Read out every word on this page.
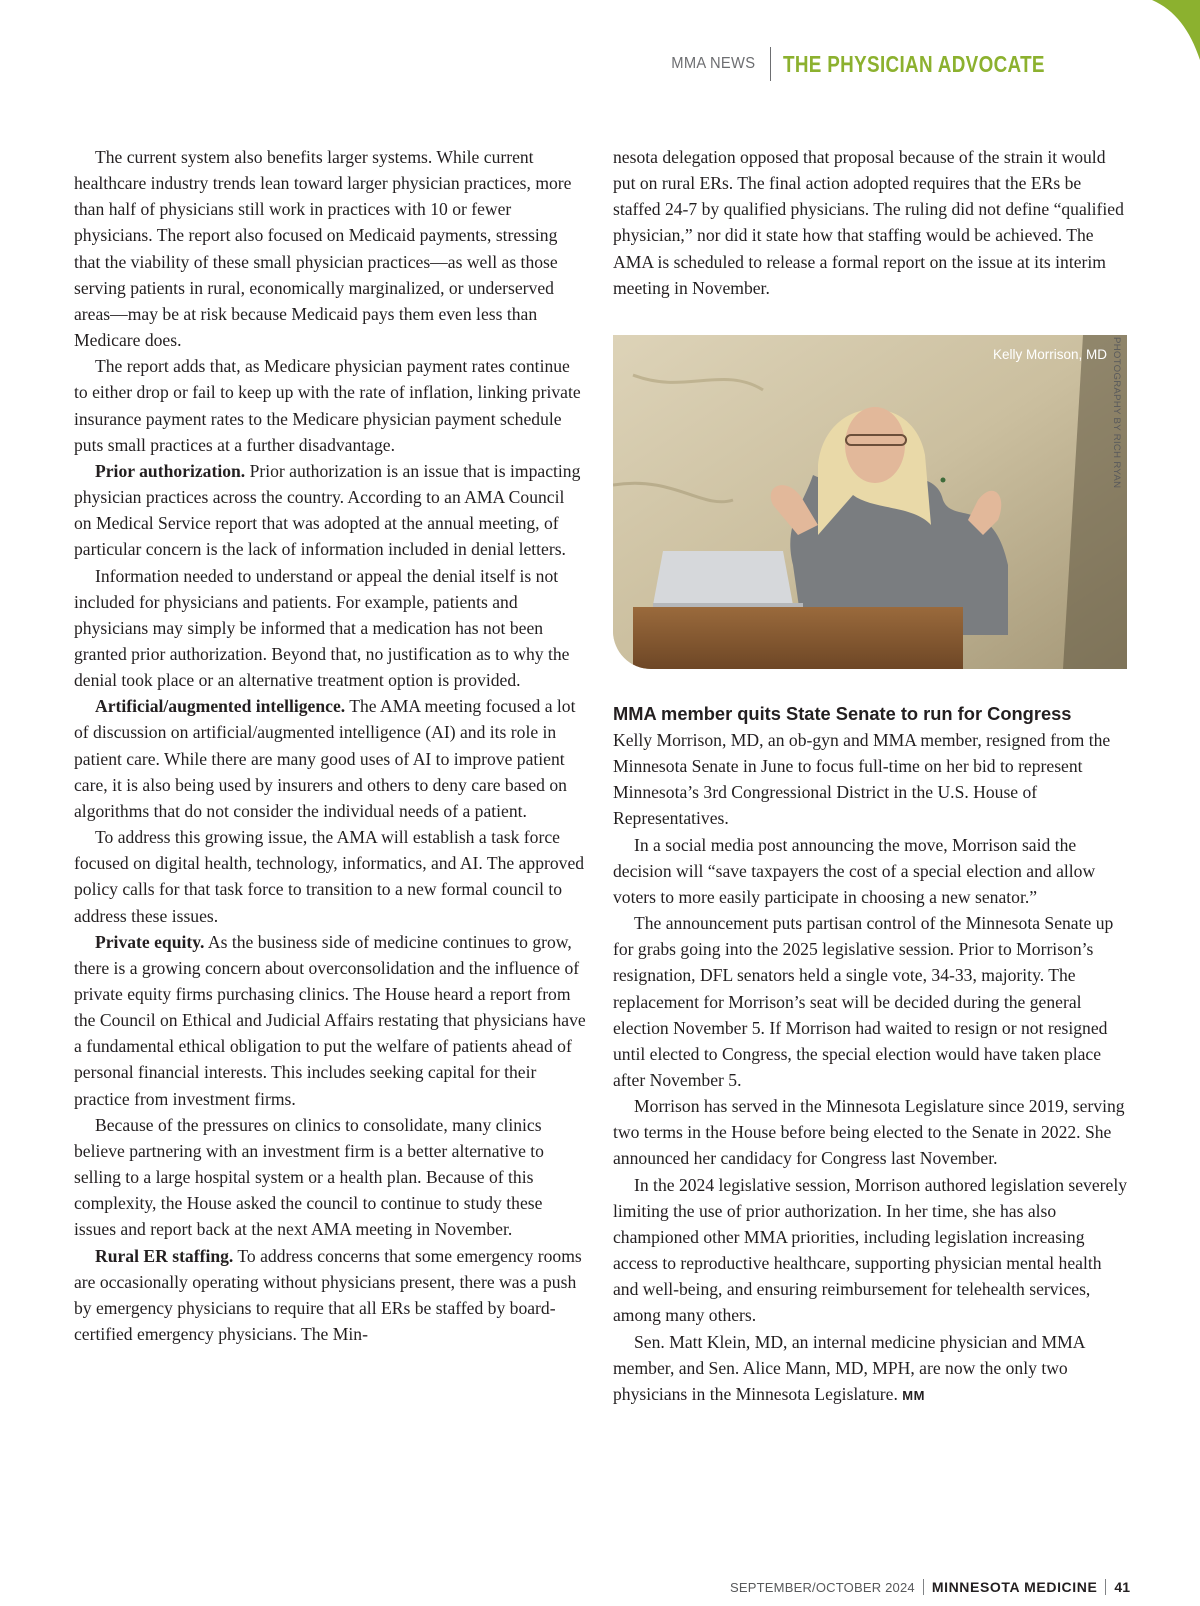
MMA NEWS THE PHYSICIAN ADVOCATE

The current system also benefits larger systems. While current healthcare industry trends lean toward larger physician practices, more than half of physicians still work in practices with 10 or fewer physicians. The report also focused on Medicaid payments, stressing that the viability of these small physician practices—as well as those serving patients in rural, economically marginalized, or underserved areas—may be at risk because Medicaid pays them even less than Medicare does.

The report adds that, as Medicare physician payment rates continue to either drop or fail to keep up with the rate of inflation, linking private insurance payment rates to the Medicare physician payment schedule puts small practices at a further disadvantage.

Prior authorization. Prior authorization is an issue that is impacting physician practices across the country. According to an AMA Council on Medical Service report that was adopted at the annual meeting, of particular concern is the lack of information included in denial letters.

Information needed to understand or appeal the denial itself is not included for physicians and patients. For example, patients and physicians may simply be informed that a medication has not been granted prior authorization. Beyond that, no justification as to why the denial took place or an alternative treatment option is provided.

Artificial/augmented intelligence. The AMA meeting focused a lot of discussion on artificial/augmented intelligence (AI) and its role in patient care. While there are many good uses of AI to improve patient care, it is also being used by insurers and others to deny care based on algorithms that do not consider the individual needs of a patient.

To address this growing issue, the AMA will establish a task force focused on digital health, technology, informatics, and AI. The approved policy calls for that task force to transition to a new formal council to address these issues.

Private equity. As the business side of medicine continues to grow, there is a growing concern about overconsolidation and the influence of private equity firms purchasing clinics. The House heard a report from the Council on Ethical and Judicial Affairs restating that physicians have a fundamental ethical obligation to put the welfare of patients ahead of personal financial interests. This includes seeking capital for their practice from investment firms.

Because of the pressures on clinics to consolidate, many clinics believe partnering with an investment firm is a better alternative to selling to a large hospital system or a health plan. Because of this complexity, the House asked the council to continue to study these issues and report back at the next AMA meeting in November.

Rural ER staffing. To address concerns that some emergency rooms are occasionally operating without physicians present, there was a push by emergency physicians to require that all ERs be staffed by board-certified emergency physicians. The Min-

nesota delegation opposed that proposal because of the strain it would put on rural ERs. The final action adopted requires that the ERs be staffed 24-7 by qualified physicians. The ruling did not define “qualified physician,” nor did it state how that staffing would be achieved. The AMA is scheduled to release a formal report on the issue at its interim meeting in November.

Kelly Morrison, MD
MMA member quits State Senate to run for Congress

Kelly Morrison, MD, an ob-gyn and MMA member, resigned from the Minnesota Senate in June to focus full-time on her bid to represent Minnesota’s 3rd Congressional District in the U.S. House of Representatives.

In a social media post announcing the move, Morrison said the decision will “save taxpayers the cost of a special election and allow voters to more easily participate in choosing a new senator.”

The announcement puts partisan control of the Minnesota Senate up for grabs going into the 2025 legislative session. Prior to Morrison’s resignation, DFL senators held a single vote, 34-33, majority. The replacement for Morrison’s seat will be decided during the general election November 5. If Morrison had waited to resign or not resigned until elected to Congress, the special election would have taken place after November 5.

Morrison has served in the Minnesota Legislature since 2019, serving two terms in the House before being elected to the Senate in 2022. She announced her candidacy for Congress last November.

In the 2024 legislative session, Morrison authored legislation severely limiting the use of prior authorization. In her time, she has also championed other MMA priorities, including legislation increasing access to reproductive healthcare, supporting physician mental health and well-being, and ensuring reimbursement for telehealth services, among many others.

Sen. Matt Klein, MD, an internal medicine physician and MMA member, and Sen. Alice Mann, MD, MPH, are now the only two physicians in the Minnesota Legislature. MM

PHOTOGRAPHY BY RICH RYAN
SEPTEMBER/OCTOBER 2024 MINNESOTA MEDICINE 41
